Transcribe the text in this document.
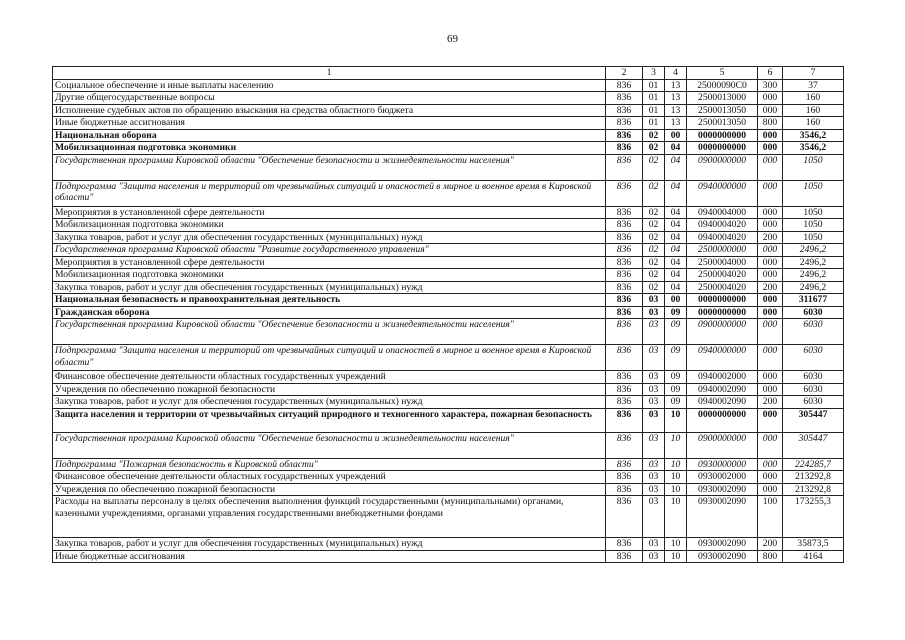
69
1	2	3	4	5	6	7
Социальное обеспечение и иные выплаты населению	836	01	13	25000090С0	300	37
Другие общегосударственные вопросы	836	01	13	2500013000	000	160
Исполнение судебных актов по обращению взыскания на средства областного бюджета	836	01	13	2500013050	000	160
Иные бюджетные ассигнования	836	01	13	2500013050	800	160
Национальная оборона	836	02	00	0000000000	000	3546,2
Мобилизационная подготовка экономики	836	02	04	0000000000	000	3546,2
Государственная программа Кировской области "Обеспечение безопасности и жизнедеятельности населения"	836	02	04	0900000000	000	1050
Подпрограмма "Защита населения и территорий от чрезвычайных ситуаций и опасностей в мирное и военное время в Кировской области"	836	02	04	0940000000	000	1050
Мероприятия в установленной сфере деятельности	836	02	04	0940004000	000	1050
Мобилизационная подготовка экономики	836	02	04	0940004020	000	1050
Закупка товаров, работ и услуг для обеспечения государственных (муниципальных) нужд	836	02	04	0940004020	200	1050
Государственная программа Кировской области "Развитие государственного управления"	836	02	04	2500000000	000	2496,2
Мероприятия в установленной сфере деятельности	836	02	04	2500004000	000	2496,2
Мобилизационная подготовка экономики	836	02	04	2500004020	000	2496,2
Закупка товаров, работ и услуг для обеспечения государственных (муниципальных) нужд	836	02	04	2500004020	200	2496,2
Национальная безопасность и правоохранительная деятельность	836	03	00	0000000000	000	311677
Гражданская оборона	836	03	09	0000000000	000	6030
Государственная программа Кировской области "Обеспечение безопасности и жизнедеятельности населения"	836	03	09	0900000000	000	6030
Подпрограмма "Защита населения и территорий от чрезвычайных ситуаций и опасностей в мирное и военное время в Кировской области"	836	03	09	0940000000	000	6030
Финансовое обеспечение деятельности областных государственных учреждений	836	03	09	0940002000	000	6030
Учреждения по обеспечению пожарной безопасности	836	03	09	0940002090	000	6030
Закупка товаров, работ и услуг для обеспечения государственных (муниципальных) нужд	836	03	09	0940002090	200	6030
Защита населения и территории от чрезвычайных ситуаций природного и техногенного характера, пожарная безопасность	836	03	10	0000000000	000	305447
Государственная программа Кировской области "Обеспечение безопасности и жизнедеятельности населения"	836	03	10	0900000000	000	305447
Подпрограмма "Пожарная безопасность в Кировской области"	836	03	10	0930000000	000	224285,7
Финансовое обеспечение деятельности областных государственных учреждений	836	03	10	0930002000	000	213292,8
Учреждения по обеспечению пожарной безопасности	836	03	10	0930002090	000	213292,8
Расходы на выплаты персоналу в целях обеспечения выполнения функций государственными (муниципальными) органами, казенными учреждениями, органами управления государственными внебюджетными фондами	836	03	10	0930002090	100	173255,3
Закупка товаров, работ и услуг для обеспечения государственных (муниципальных) нужд	836	03	10	0930002090	200	35873,5
Иные бюджетные ассигнования	836	03	10	0930002090	800	4164
